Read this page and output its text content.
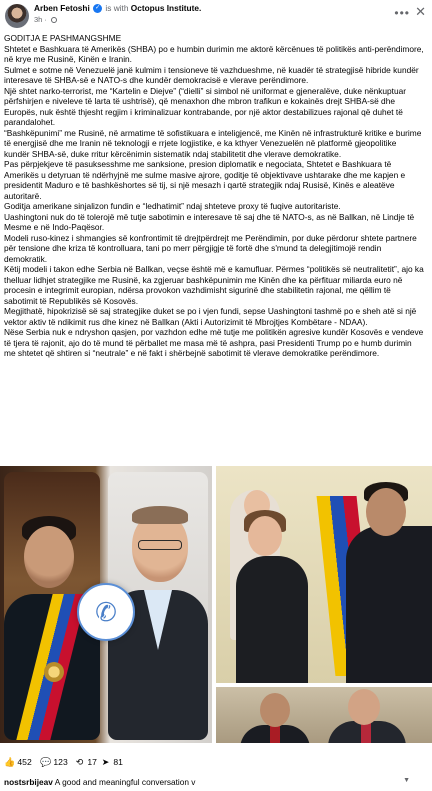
Arben Fetoshi ✓ is with Octopus Institute.
3h ·	••• ✕

GODITJA E PASHMANGSHME

Shtetet e Bashkuara të Amerikës (SHBA) po e humbin durimin me aktorë kërcënues të politikës anti-perëndimore, në krye me Rusinë, Kinën e Iranin.

Sulmet e sotme në Venezuelë janë kulmim i tensioneve të vazhdueshme, në kuadër të strategjisë hibride kundër interesave të SHBA-së e NATO-s dhe kundër demokracisë e vlerave perëndimore.

Një shtet narko-terrorist, me “Kartelin e Diejve” (“dielli” si simbol në uniformat e gjeneralëve, duke nënkuptuar përfshirjen e niveleve të larta të ushtrisë), që menaxhon dhe mbron trafikun e kokainës drejt SHBA-së dhe Europës, nuk është thjesht regjim i kriminalizuar kontrabande, por një aktor destabilizues rajonal që duhet të parandalohet.

“Bashkëpunimi” me Rusinë, në armatime të sofistikuara e inteligjencë, me Kinën në infrastrukturë kritike e burime të energjisë dhe me Iranin në teknologji e rrjete logjistike, e ka kthyer Venezuelën në platformë gjeopolitike kundër SHBA-së, duke rritur kërcënimin sistematik ndaj stabilitetit dhe vlerave demokratike.

Pas përpjekjeve të pasuksesshme me sanksione, presion diplomatik e negociata, Shtetet e Bashkuara të Amerikës u detyruan të ndërhyjnë me sulme masive ajrore, goditje të objektivave ushtarake dhe me kapjen e presidentit Maduro e të bashkëshortes së tij, si një mesazh i qartë strategjik ndaj Rusisë, Kinës e aleatëve autoritarë.

Goditja amerikane sinjalizon fundin e “ledhatimit” ndaj shteteve proxy të fuqive autoritariste.

Uashingtoni nuk do të tolerojë më tutje sabotimin e interesave të saj dhe të NATO-s, as në Ballkan, në Lindje të Mesme e në Indo-Paqësor.

Modeli ruso-kinez i shmangies së konfrontimit të drejtpërdrejt me Perëndimin, por duke përdorur shtete partnere për tensione dhe kriza të kontrolluara, tani po merr përgjigje të fortë dhe s'mund ta delegjitimojë rendin demokratik.

Këtij modeli i takon edhe Serbia në Ballkan, veçse është më e kamufluar. Përmes “politikës së neutralitetit”, ajo ka thelluar lidhjet strategjike me Rusinë, ka zgjeruar bashkëpunimin me Kinën dhe ka përfituar miliarda euro në procesin e integrimit europian, ndërsa provokon vazhdimisht sigurinë dhe stabilitetin rajonal, me qëllim të sabotimit të Republikës së Kosovës.

Megjithatë, hipokrizisë së saj strategjike duket se po i vjen fundi, sepse Uashingtoni tashmë po e sheh atë si një vektor aktiv të ndikimit rus dhe kinez në Ballkan (Akti i Autorizimit të Mbrojtjes Kombëtare - NDAA).

Nëse Serbia nuk e ndryshon qasjen, por vazhdon edhe më tutje me politikën agresive kundër Kosovës e vendeve të tjera të rajonit, ajo do të mund të përballet me masa më të ashpra, pasi Presidenti Trump po e humb durimin me shtetet që shtiren si “neutrale” e në fakt i shërbejnë sabotimit të vlerave demokratike perëndimore.

✆
👍 452 💬 123 ⟲ 17 ➤ 81
nostsrbijeav A good and meaningful conversation v	▼
